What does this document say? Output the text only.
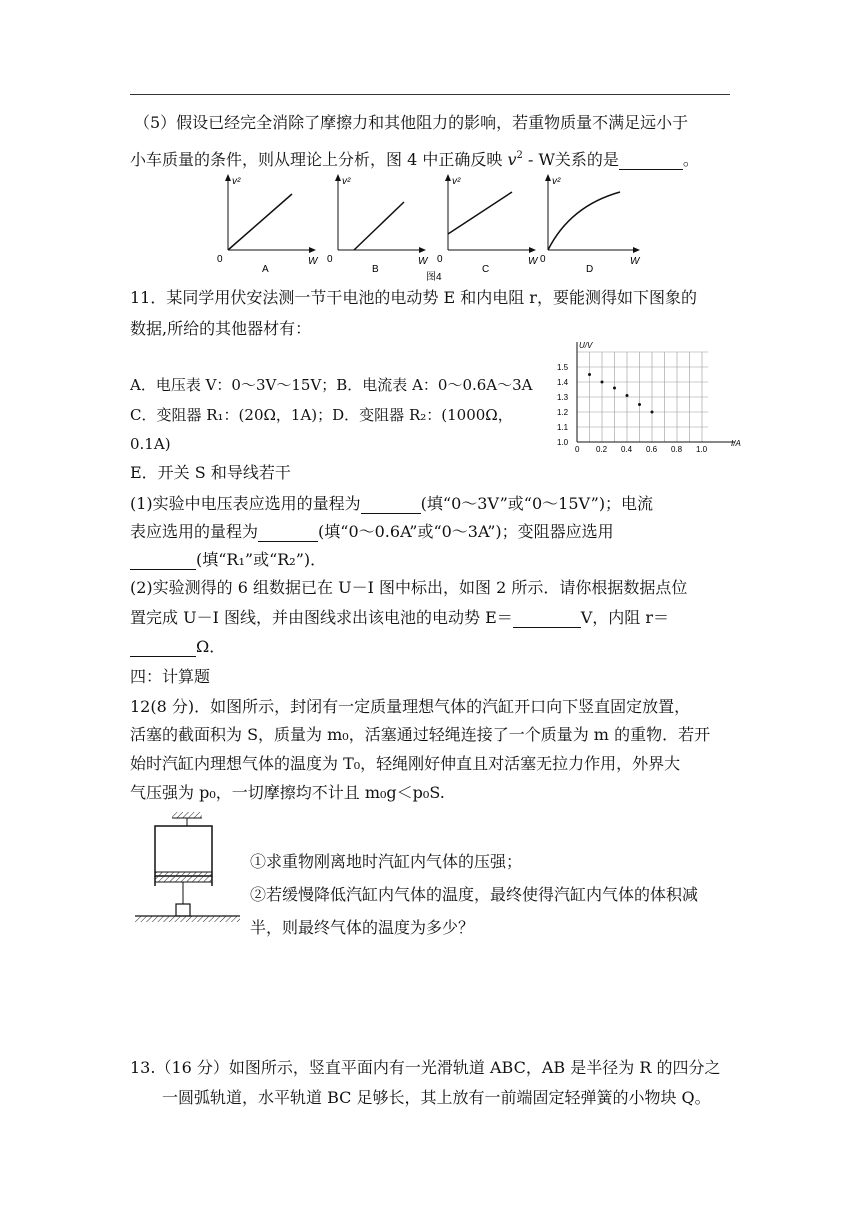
（5）假设已经完全消除了摩擦力和其他阻力的影响，若重物质量不满足远小于
小车质量的条件，则从理论上分析，图 4 中正确反映 $v^2$ - W关系的是	。
v²
0	W
A
v²
0	W
B
v²
0	W
C
v²
0	W
D
图4
11．某同学用伏安法测一节干电池的电动势 E 和内电阻 r，要能测得如下图象的
数据,所给的其他器材有：
A．电压表 V：0～3V～15V；B．电流表 A：0～0.6A～3A
C．变阻器 R₁：(20Ω，1A)；D．变阻器 R₂：(1000Ω，
0.1A)
E．开关 S 和导线若干
U/V
I/A
0 0.2 0.4 0.6 0.8 1.0
1.0
1.1
1.2
1.3
1.4
1.5
(1)实验中电压表应选用的量程为	(填“0～3V”或“0～15V”)；电流
表应选用的量程为	(填“0～0.6A”或“0～3A”)；变阻器应选用
(填“R₁”或“R₂”)．
(2)实验测得的 6 组数据已在 U－I 图中标出，如图 2 所示．请你根据数据点位
置完成 U－I 图线，并由图线求出该电池的电动势 E＝	V，内阻 r＝
Ω．
四：计算题
12(8 分)．如图所示，封闭有一定质量理想气体的汽缸开口向下竖直固定放置，
活塞的截面积为 S，质量为 m₀，活塞通过轻绳连接了一个质量为 m 的重物．若开
始时汽缸内理想气体的温度为 T₀，轻绳刚好伸直且对活塞无拉力作用，外界大
气压强为 p₀，一切摩擦均不计且 m₀g＜p₀S.
①求重物刚离地时汽缸内气体的压强；
②若缓慢降低汽缸内气体的温度，最终使得汽缸内气体的体积减
半，则最终气体的温度为多少？
13.（16 分）如图所示，竖直平面内有一光滑轨道 ABC，AB 是半径为 R 的四分之
一圆弧轨道，水平轨道 BC 足够长，其上放有一前端固定轻弹簧的小物块 Q。
